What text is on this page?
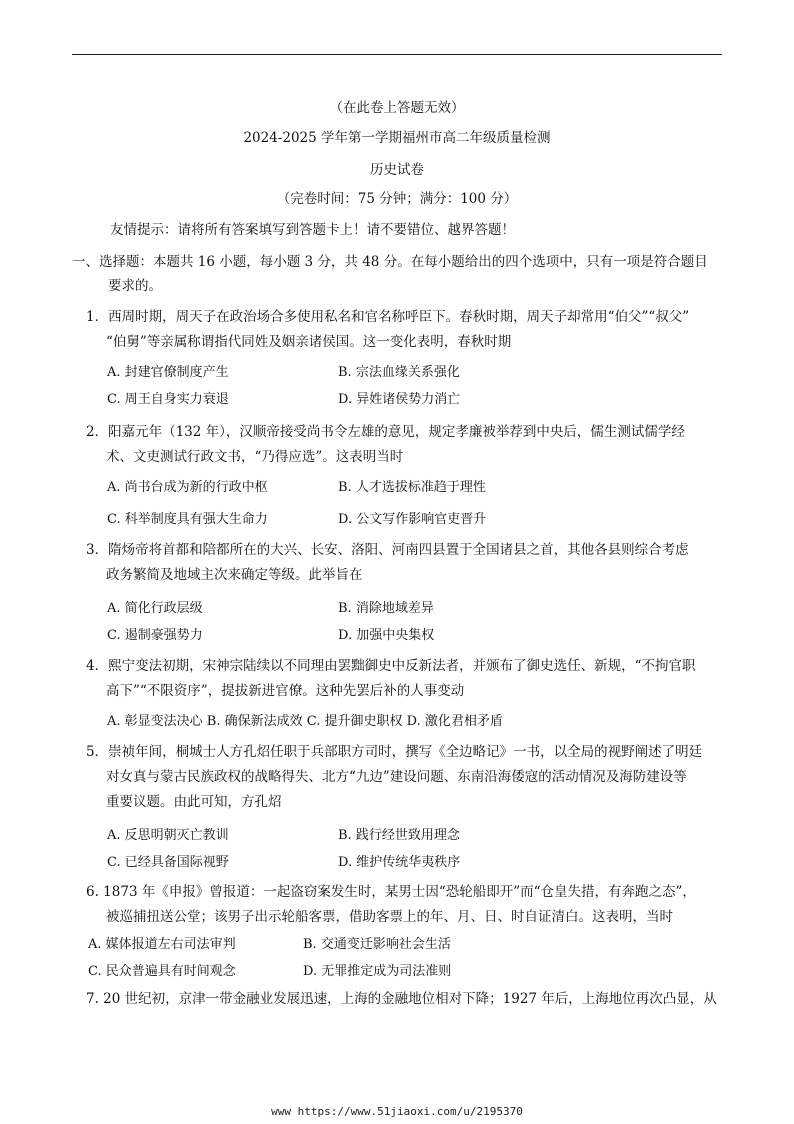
（在此卷上答题无效）
2024-2025 学年第一学期福州市高二年级质量检测
历史试卷
（完卷时间：75 分钟；满分：100 分）
友情提示：请将所有答案填写到答题卡上！请不要错位、越界答题！
一、选择题：本题共 16 小题，每小题 3 分，共 48 分。在每小题给出的四个选项中，只有一项是符合题目
要求的。
1．西周时期，周天子在政治场合多使用私名和官名称呼臣下。春秋时期，周天子却常用“伯父”“叔父”
“伯舅”等亲属称谓指代同姓及姻亲诸侯国。这一变化表明，春秋时期
A. 封建官僚制度产生	B. 宗法血缘关系强化
C. 周王自身实力衰退	D. 异姓诸侯势力消亡
2．阳嘉元年（132 年），汉顺帝接受尚书令左雄的意见，规定孝廉被举荐到中央后，儒生测试儒学经
术、文吏测试行政文书，“乃得应选”。这表明当时
A. 尚书台成为新的行政中枢	B. 人才选拔标准趋于理性
C. 科举制度具有强大生命力	D. 公文写作影响官吏晋升
3．隋炀帝将首都和陪都所在的大兴、长安、洛阳、河南四县置于全国诸县之首，其他各县则综合考虑
政务繁简及地域主次来确定等级。此举旨在
A. 简化行政层级	B. 消除地域差异
C. 遏制豪强势力	D. 加强中央集权
4．熙宁变法初期，宋神宗陆续以不同理由罢黜御史中反新法者，并颁布了御史选任、新规，“不拘官职
高下”“不限资序”，提拔新进官僚。这种先罢后补的人事变动
A. 彰显变法决心 B. 确保新法成效 C. 提升御史职权 D. 激化君相矛盾
5．崇祯年间，桐城士人方孔炤任职于兵部职方司时，撰写《全边略记》一书，以全局的视野阐述了明廷
对女真与蒙古民族政权的战略得失、北方“九边”建设问题、东南沿海倭寇的活动情况及海防建设等
重要议题。由此可知，方孔炤
A. 反思明朝灭亡教训	B. 践行经世致用理念
C. 已经具备国际视野	D. 维护传统华夷秩序
6. 1873 年《申报》曾报道：一起盗窃案发生时，某男士因“恐轮船即开”而“仓皇失措，有奔跑之态”，
被巡捕扭送公堂；该男子出示轮船客票，借助客票上的年、月、日、时自证清白。这表明，当时
A. 媒体报道左右司法审判	B. 交通变迁影响社会生活
C. 民众普遍具有时间观念	D. 无罪推定成为司法准则
7. 20 世纪初，京津一带金融业发展迅速，上海的金融地位相对下降；1927 年后，上海地位再次凸显，从
www https://www.51jiaoxi.com/u/2195370
